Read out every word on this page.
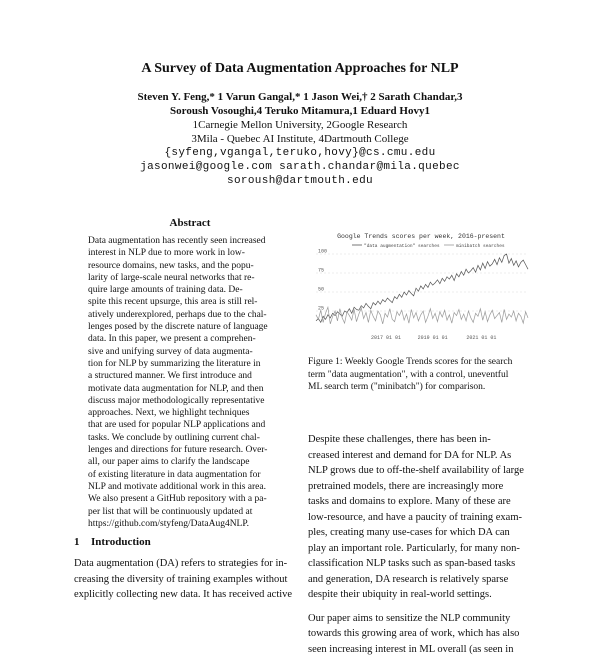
A Survey of Data Augmentation Approaches for NLP
Steven Y. Feng,* 1 Varun Gangal,* 1 Jason Wei,† 2 Sarath Chandar,3
Soroush Vosoughi,4 Teruko Mitamura,1 Eduard Hovy1
1Carnegie Mellon University, 2Google Research
3Mila - Quebec AI Institute, 4Dartmouth College
{syfeng,vgangal,teruko,hovy}@cs.cmu.edu
jasonwei@google.com sarath.chandar@mila.quebec
soroush@dartmouth.edu
Abstract
Data augmentation has recently seen increased
interest in NLP due to more work in low-
resource domains, new tasks, and the popu-
larity of large-scale neural networks that re-
quire large amounts of training data. De-
spite this recent upsurge, this area is still rel-
atively underexplored, perhaps due to the chal-
lenges posed by the discrete nature of language
data. In this paper, we present a comprehen-
sive and unifying survey of data augmenta-
tion for NLP by summarizing the literature in
a structured manner. We first introduce and
motivate data augmentation for NLP, and then
discuss major methodologically representative
approaches. Next, we highlight techniques
that are used for popular NLP applications and
tasks. We conclude by outlining current chal-
lenges and directions for future research. Over-
all, our paper aims to clarify the landscape
of existing literature in data augmentation for
NLP and motivate additional work in this area.
We also present a GitHub repository with a pa-
per list that will be continuously updated at
https://github.com/styfeng/DataAug4NLP.
1 Introduction
Data augmentation (DA) refers to strategies for in-
creasing the diversity of training examples without
explicitly collecting new data. It has received active
Google Trends scores per week, 2016-present
"data augmentation" searches	minibatch searches
100
75
50
25
2017 01 01	2019 01 01	2021 01 01
Figure 1: Weekly Google Trends scores for the search
term "data augmentation", with a control, uneventful
ML search term ("minibatch") for comparison.
Despite these challenges, there has been in-
creased interest and demand for DA for NLP. As
NLP grows due to off-the-shelf availability of large
pretrained models, there are increasingly more
tasks and domains to explore. Many of these are
low-resource, and have a paucity of training exam-
ples, creating many use-cases for which DA can
play an important role. Particularly, for many non-
classification NLP tasks such as span-based tasks
and generation, DA research is relatively sparse
despite their ubiquity in real-world settings.
Our paper aims to sensitize the NLP community
towards this growing area of work, which has also
seen increasing interest in ML overall (as seen in
